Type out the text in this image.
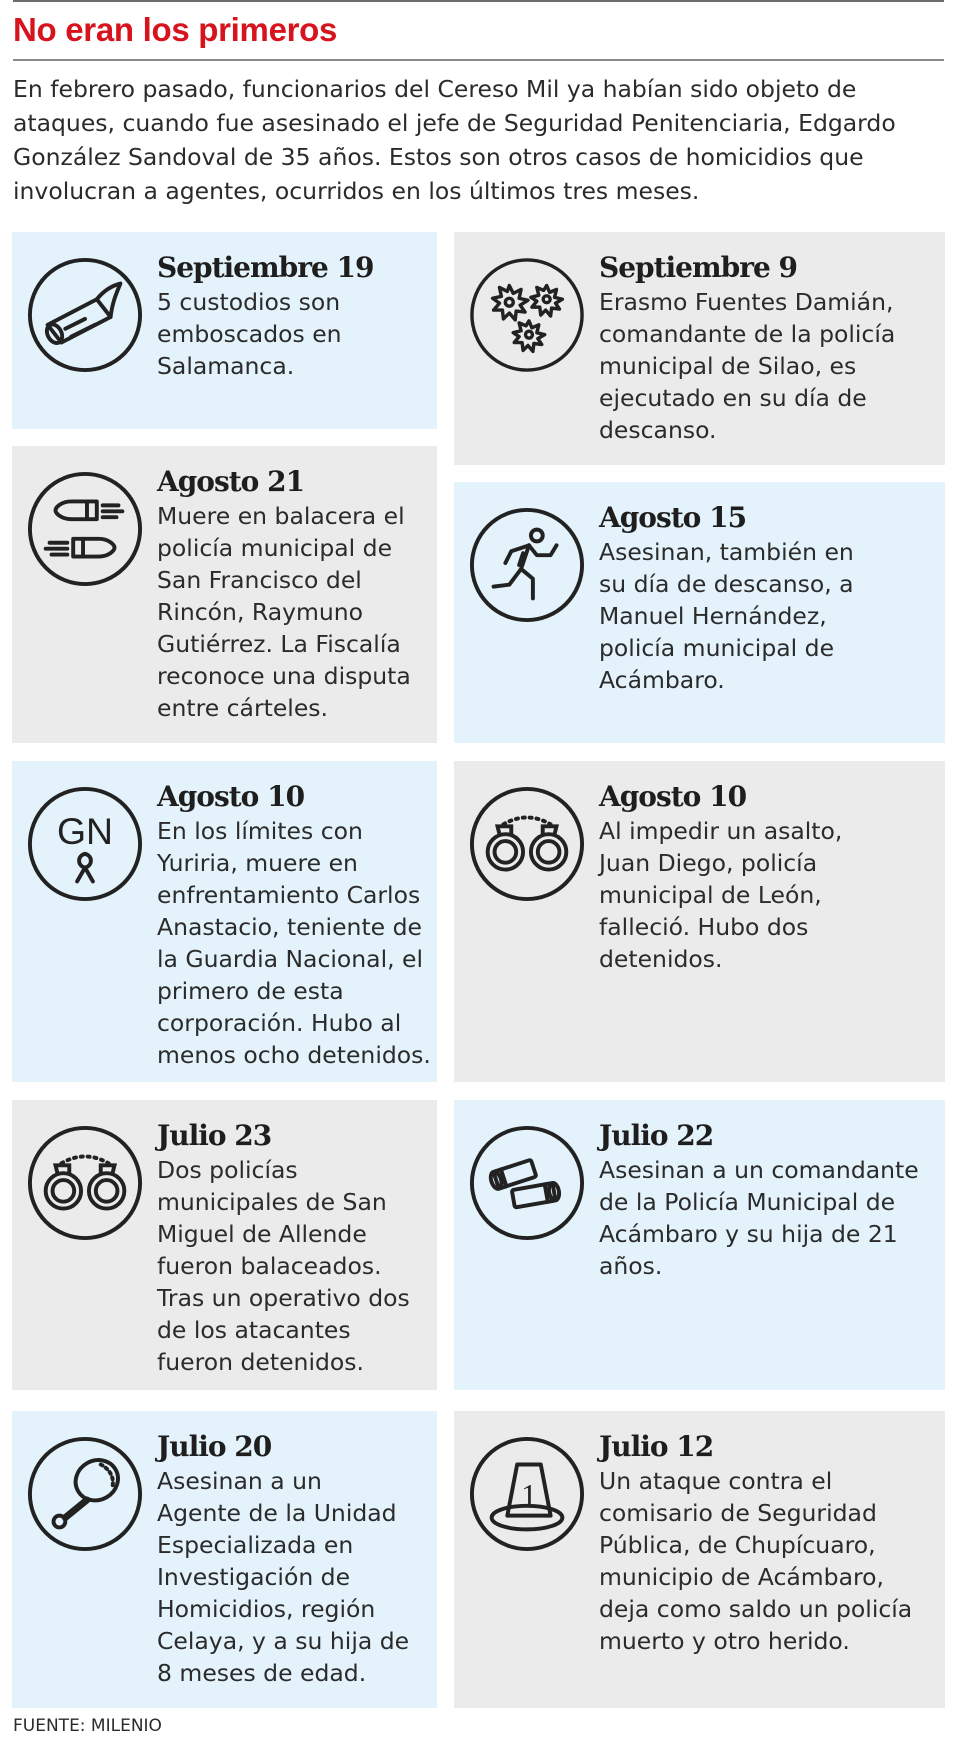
No eran los primeros

En febrero pasado, funcionarios del Cereso Mil ya habían sido objeto de ataques, cuando fue asesinado el jefe de Seguridad Penitenciaria, Edgardo González Sandoval de 35 años. Estos son otros casos de homicidios que involucran a agentes, ocurridos en los últimos tres meses.

Septiembre 19

5 custodios son
emboscados en
Salamanca.

Septiembre 9

Erasmo Fuentes Damián,
comandante de la policía
municipal de Silao, es
ejecutado en su día de
descanso.

Agosto 21

Muere en balacera el
policía municipal de
San Francisco del
Rincón, Raymuno
Gutiérrez. La Fiscalía
reconoce una disputa
entre cárteles.

Agosto 15

Asesinan, también en
su día de descanso, a
Manuel Hernández,
policía municipal de
Acámbaro.

GN
Agosto 10

En los límites con
Yuriria, muere en
enfrentamiento Carlos
Anastacio, teniente de
la Guardia Nacional, el
primero de esta
corporación. Hubo al
menos ocho detenidos.

Agosto 10

Al impedir un asalto,
Juan Diego, policía
municipal de León,
falleció. Hubo dos
detenidos.

Julio 23

Dos policías
municipales de San
Miguel de Allende
fueron balaceados.
Tras un operativo dos
de los atacantes
fueron detenidos.

Julio 22

Asesinan a un comandante
de la Policía Municipal de
Acámbaro y su hija de 21
años.

Julio 20

Asesinan a un
Agente de la Unidad
Especializada en
Investigación de
Homicidios, región
Celaya, y a su hija de
8 meses de edad.

1
Julio 12

Un ataque contra el
comisario de Seguridad
Pública, de Chupícuaro,
municipio de Acámbaro,
deja como saldo un policía
muerto y otro herido.

FUENTE: MILENIO
